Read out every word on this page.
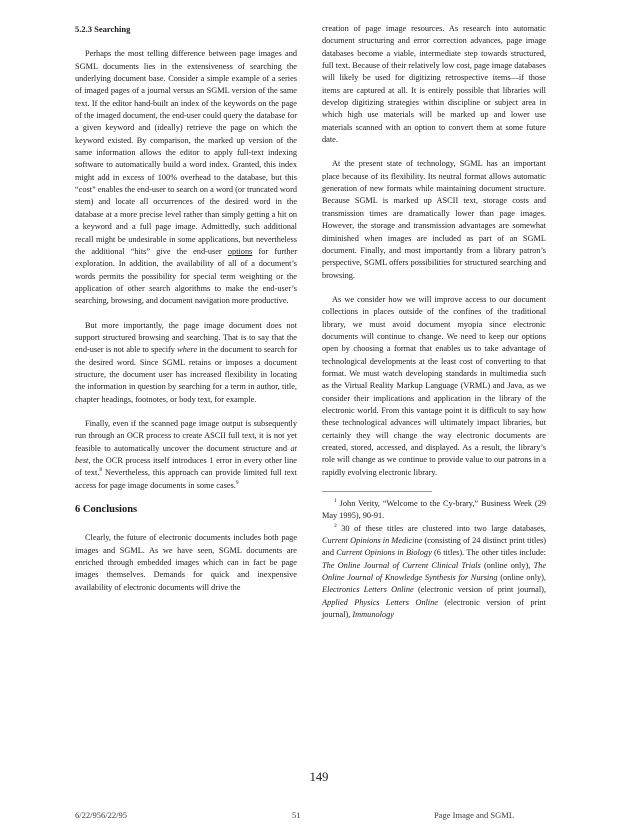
5.2.3 Searching

Perhaps the most telling difference between page images and SGML documents lies in the extensiveness of searching the underlying document base. Consider a simple example of a series of imaged pages of a journal versus an SGML version of the same text. If the editor hand-built an index of the keywords on the page of the imaged document, the end-user could query the database for a given keyword and (ideally) retrieve the page on which the keyword existed. By comparison, the marked up version of the same information allows the editor to apply full-text indexing software to automatically build a word index. Granted, this index might add in excess of 100% overhead to the database, but this “cost” enables the end-user to search on a word (or truncated word stem) and locate all occurrences of the desired word in the database at a more precise level rather than simply getting a hit on a keyword and a full page image. Admittedly, such additional recall might be undesirable in some applications, but nevertheless the additional “hits” give the end-user options for further exploration. In addition, the availability of all of a document’s words permits the possibility for special term weighting or the application of other search algorithms to make the end-user’s searching, browsing, and document navigation more productive.

But more importantly, the page image document does not support structured browsing and searching. That is to say that the end-user is not able to specify where in the document to search for the desired word. Since SGML retains or imposes a document structure, the document user has increased flexibility in locating the information in question by searching for a term in author, title, chapter headings, footnotes, or body text, for example.

Finally, even if the scanned page image output is subsequently run through an OCR process to create ASCII full text, it is not yet feasible to automatically uncover the document structure and at best, the OCR process itself introduces 1 error in every other line of text.$^8$ Nevertheless, this approach can provide limited full text access for page image documents in some cases.$^9$

6 Conclusions

Clearly, the future of electronic documents includes both page images and SGML. As we have seen, SGML documents are enriched through embedded images which can in fact be page images themselves. Demands for quick and inexpensive availability of electronic documents will drive the

creation of page image resources. As research into automatic document structuring and error correction advances, page image databases become a viable, intermediate step towards structured, full text. Because of their relatively low cost, page image databases will likely be used for digitizing retrospective items—if those items are captured at all. It is entirely possible that libraries will develop digitizing strategies within discipline or subject area in which high use materials will be marked up and lower use materials scanned with an option to convert them at some future date.

At the present state of technology, SGML has an important place because of its flexibility. Its neutral format allows automatic generation of new formats while maintaining document structure. Because SGML is marked up ASCII text, storage costs and transmission times are dramatically lower than page images. However, the storage and transmission advantages are somewhat diminished when images are included as part of an SGML document. Finally, and most importantly from a library patron’s perspective, SGML offers possibilities for structured searching and browsing.

As we consider how we will improve access to our document collections in places outside of the confines of the traditional library, we must avoid document myopia since electronic documents will continue to change. We need to keep our options open by choosing a format that enables us to take advantage of technological developments at the least cost of converting to that format. We must watch developing standards in multimedia such as the Virtual Reality Markup Language (VRML) and Java, as we consider their implications and application in the library of the electronic world. From this vantage point it is difficult to say how these technological advances will ultimately impact libraries, but certainly they will change the way electronic documents are created, stored, accessed, and displayed. As a result, the library’s role will change as we continue to provide value to our patrons in a rapidly evolving electronic library.

$^1$ John Verity, “Welcome to the Cy-brary,” Business Week (29 May 1995), 90-91.
$^2$ 30 of these titles are clustered into two large databases, Current Opinions in Medicine (consisting of 24 distinct print titles) and Current Opinions in Biology (6 titles). The other titles include: The Online Journal of Current Clinical Trials (online only), The Online Journal of Knowledge Synthesis for Nursing (online only), Electronics Letters Online (electronic version of print journal), Applied Physics Letters Online (electronic version of print journal), Immunology
149
6/22/956/22/95	51	Page Image and SGML
